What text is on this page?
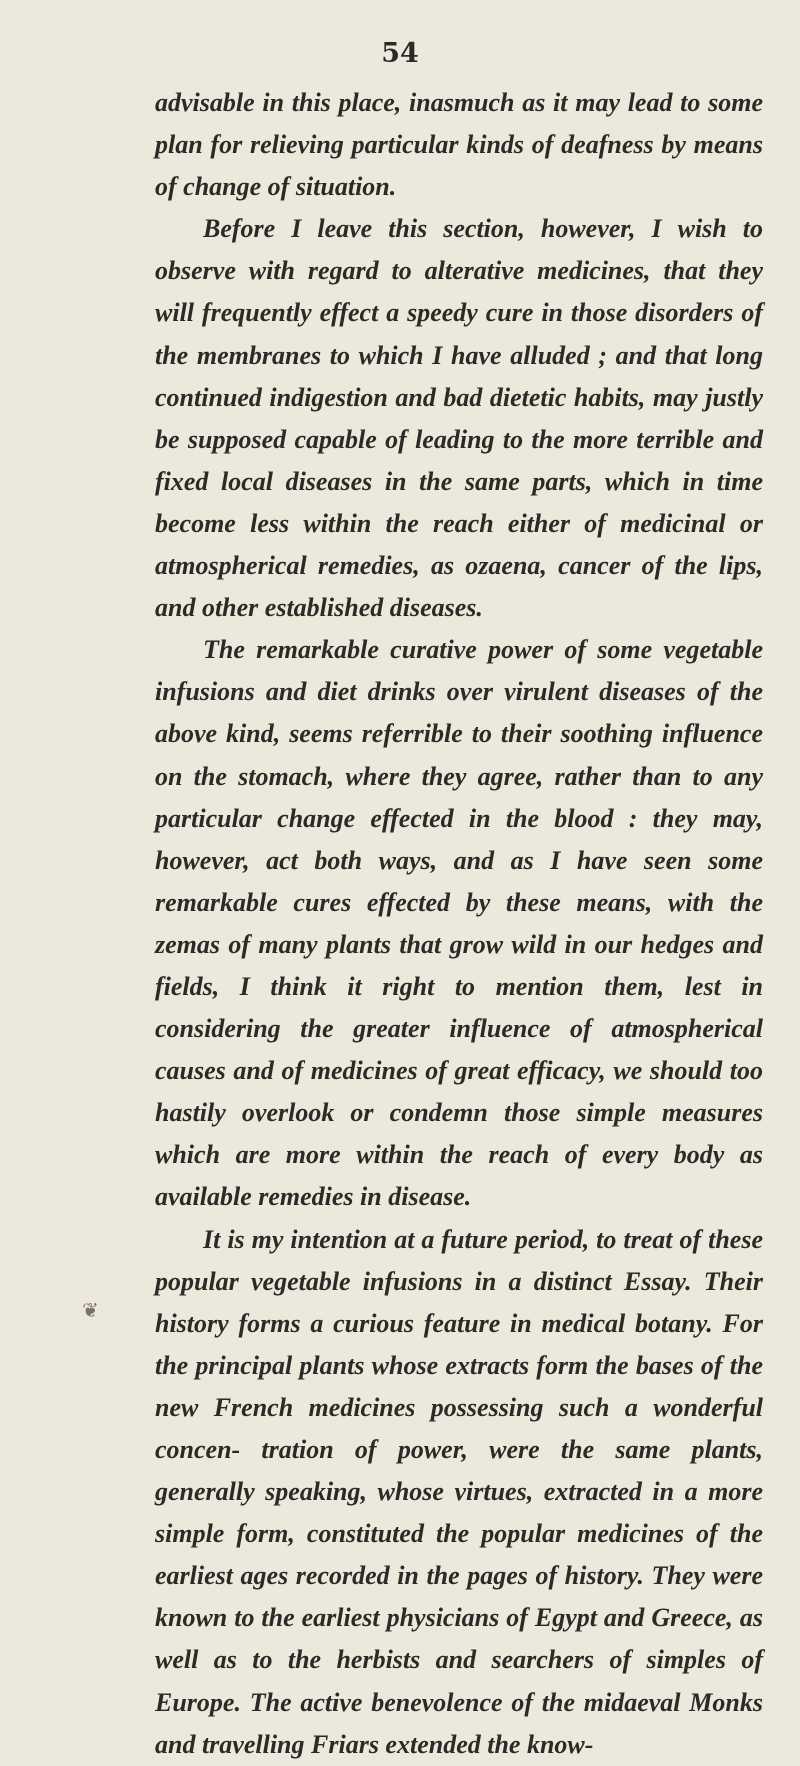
54

advisable in this place, inasmuch as it may lead to some plan for relieving particular kinds of deafness by means of change of situation.

Before I leave this section, however, I wish to observe with regard to alterative medicines, that they will frequently effect a speedy cure in those disorders of the membranes to which I have alluded ; and that long continued indigestion and bad dietetic habits, may justly be supposed capable of leading to the more terrible and fixed local diseases in the same parts, which in time become less within the reach either of medicinal or atmospherical remedies, as ozaena, cancer of the lips, and other established diseases.

The remarkable curative power of some vegetable infusions and diet drinks over virulent diseases of the above kind, seems referrible to their soothing influence on the stomach, where they agree, rather than to any particular change effected in the blood : they may, however, act both ways, and as I have seen some remarkable cures effected by these means, with the zemas of many plants that grow wild in our hedges and fields, I think it right to mention them, lest in considering the greater influence of atmospherical causes and of medicines of great efficacy, we should too hastily overlook or condemn those simple measures which are more within the reach of every body as available remedies in disease.

It is my intention at a future period, to treat of these popular vegetable infusions in a distinct Essay. Their history forms a curious feature in medical botany. For the principal plants whose extracts form the bases of the new French medicines possessing such a wonderful concen- tration of power, were the same plants, generally speaking, whose virtues, extracted in a more simple form, constituted the popular medicines of the earliest ages recorded in the pages of history. They were known to the earliest physicians of Egypt and Greece, as well as to the herbists and searchers of simples of Europe. The active benevolence of the midaeval Monks and travelling Friars extended the know-

❦
